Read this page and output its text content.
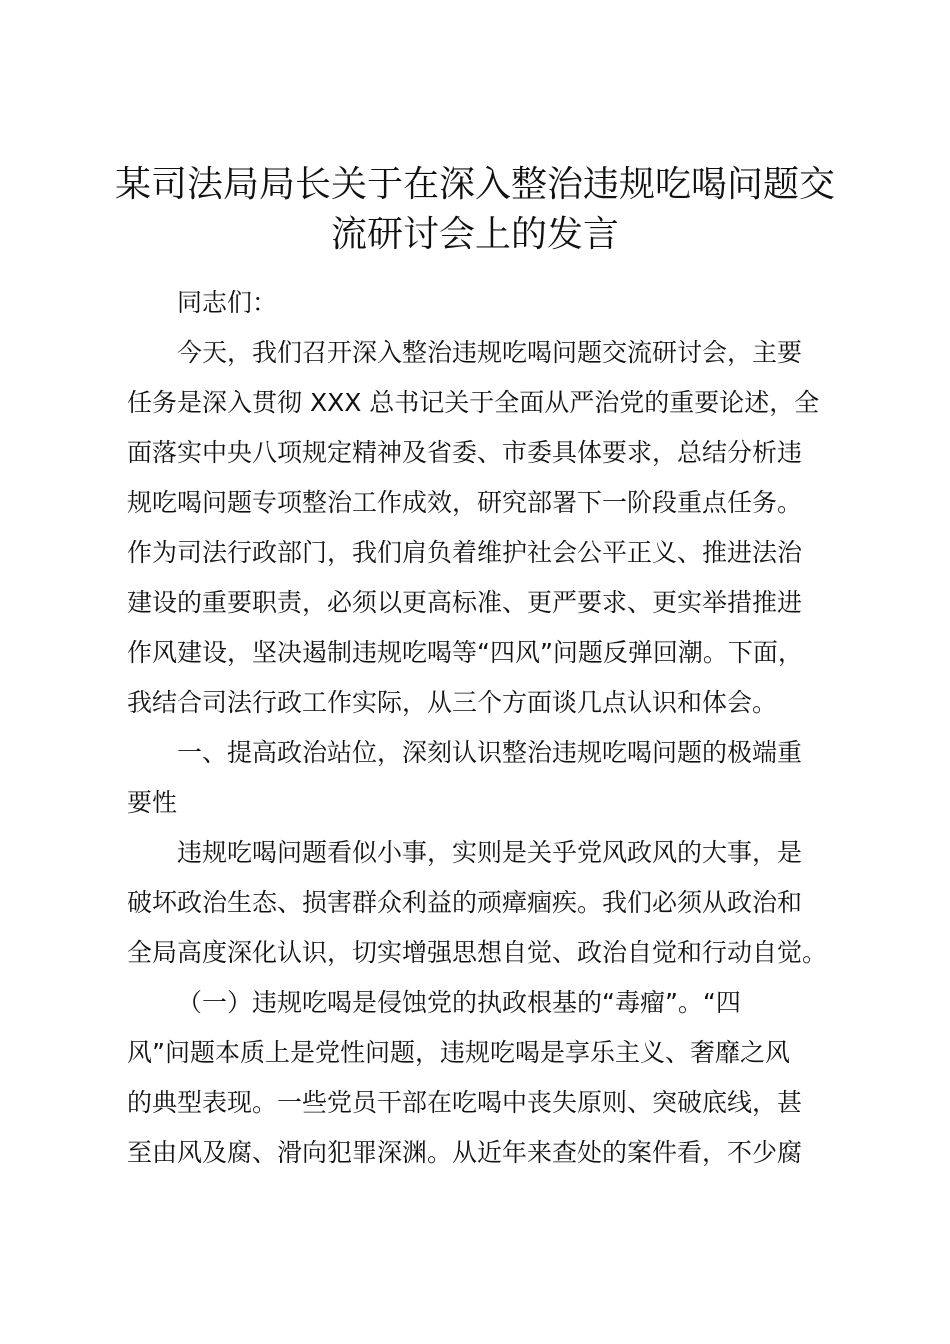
某司法局局长关于在深入整治违规吃喝问题交
流研讨会上的发言
同志们：
今天，我们召开深入整治违规吃喝问题交流研讨会，主要
任务是深入贯彻 XXX 总书记关于全面从严治党的重要论述，全
面落实中央八项规定精神及省委、市委具体要求，总结分析违
规吃喝问题专项整治工作成效，研究部署下一阶段重点任务。
作为司法行政部门，我们肩负着维护社会公平正义、推进法治
建设的重要职责，必须以更高标准、更严要求、更实举措推进
作风建设，坚决遏制违规吃喝等“四风”问题反弹回潮。下面，
我结合司法行政工作实际，从三个方面谈几点认识和体会。
一、提高政治站位，深刻认识整治违规吃喝问题的极端重
要性
违规吃喝问题看似小事，实则是关乎党风政风的大事，是
破坏政治生态、损害群众利益的顽瘴痼疾。我们必须从政治和
全局高度深化认识，切实增强思想自觉、政治自觉和行动自觉。
（一）违规吃喝是侵蚀党的执政根基的“毒瘤”。“四
风”问题本质上是党性问题，违规吃喝是享乐主义、奢靡之风
的典型表现。一些党员干部在吃喝中丧失原则、突破底线，甚
至由风及腐、滑向犯罪深渊。从近年来查处的案件看，不少腐
